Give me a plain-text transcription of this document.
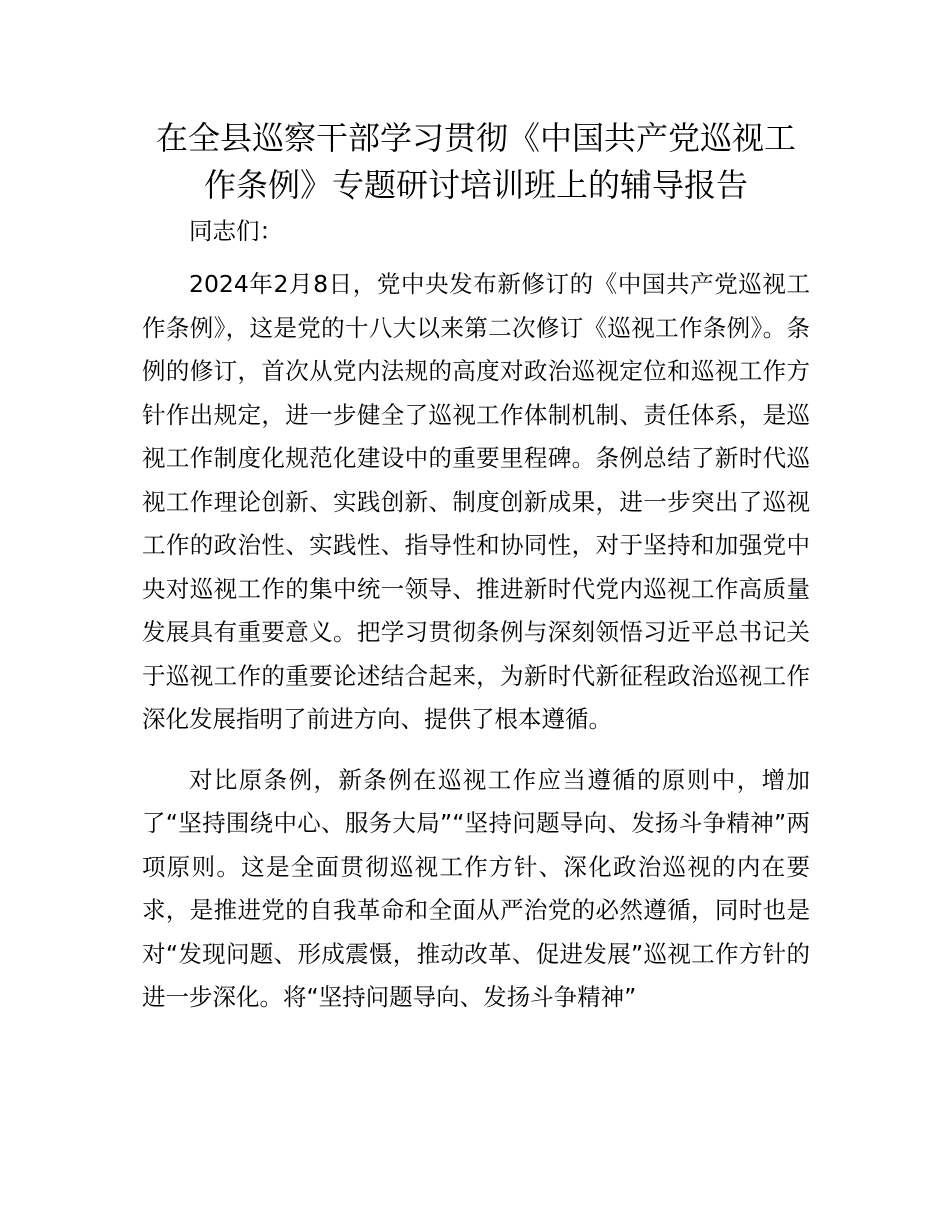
在全县巡察干部学习贯彻《中国共产党巡视工
作条例》专题研讨培训班上的辅导报告

同志们：

2024年2月8日，党中央发布新修订的《中国共产党巡视工作条例》，这是党的十八大以来第二次修订《巡视工作条例》。条例的修订，首次从党内法规的高度对政治巡视定位和巡视工作方针作出规定，进一步健全了巡视工作体制机制、责任体系，是巡视工作制度化规范化建设中的重要里程碑。条例总结了新时代巡视工作理论创新、实践创新、制度创新成果，进一步突出了巡视工作的政治性、实践性、指导性和协同性，对于坚持和加强党中央对巡视工作的集中统一领导、推进新时代党内巡视工作高质量发展具有重要意义。把学习贯彻条例与深刻领悟习近平总书记关于巡视工作的重要论述结合起来，为新时代新征程政治巡视工作深化发展指明了前进方向、提供了根本遵循。

对比原条例，新条例在巡视工作应当遵循的原则中，增加了“坚持围绕中心、服务大局”“坚持问题导向、发扬斗争精神”两项原则。这是全面贯彻巡视工作方针、深化政治巡视的内在要求，是推进党的自我革命和全面从严治党的必然遵循，同时也是对“发现问题、形成震慑，推动改革、促进发展”巡视工作方针的进一步深化。将“坚持问题导向、发扬斗争精神”
